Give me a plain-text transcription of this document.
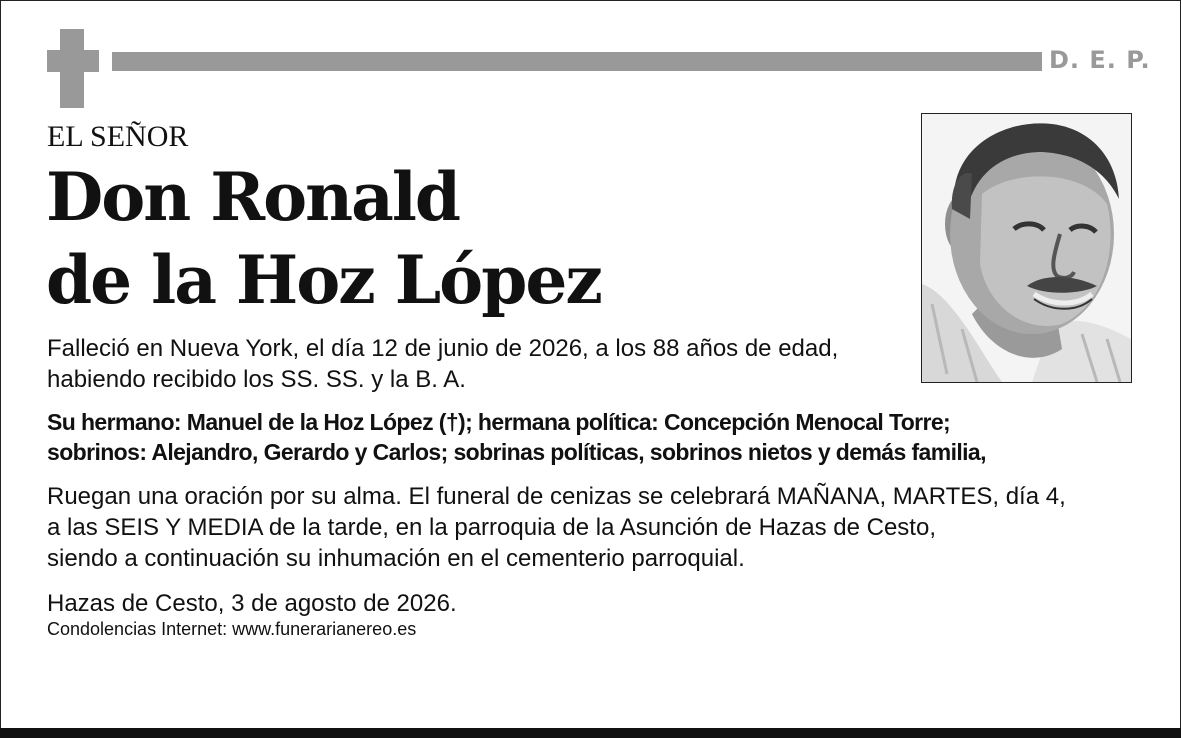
D. E. P.
EL SEÑOR
Don Ronald
de la Hoz López
Falleció en Nueva York, el día 12 de junio de 2026, a los 88 años de edad,
habiendo recibido los SS. SS. y la B. A.
Su hermano: Manuel de la Hoz López (†); hermana política: Concepción Menocal Torre;
sobrinos: Alejandro, Gerardo y Carlos; sobrinas políticas, sobrinos nietos y demás familia,
Ruegan una oración por su alma. El funeral de cenizas se celebrará MAÑANA, MARTES, día 4,
a las SEIS Y MEDIA de la tarde, en la parroquia de la Asunción de Hazas de Cesto,
siendo a continuación su inhumación en el cementerio parroquial.
Hazas de Cesto, 3 de agosto de 2026.
Condolencias Internet: www.funerarianereo.es
